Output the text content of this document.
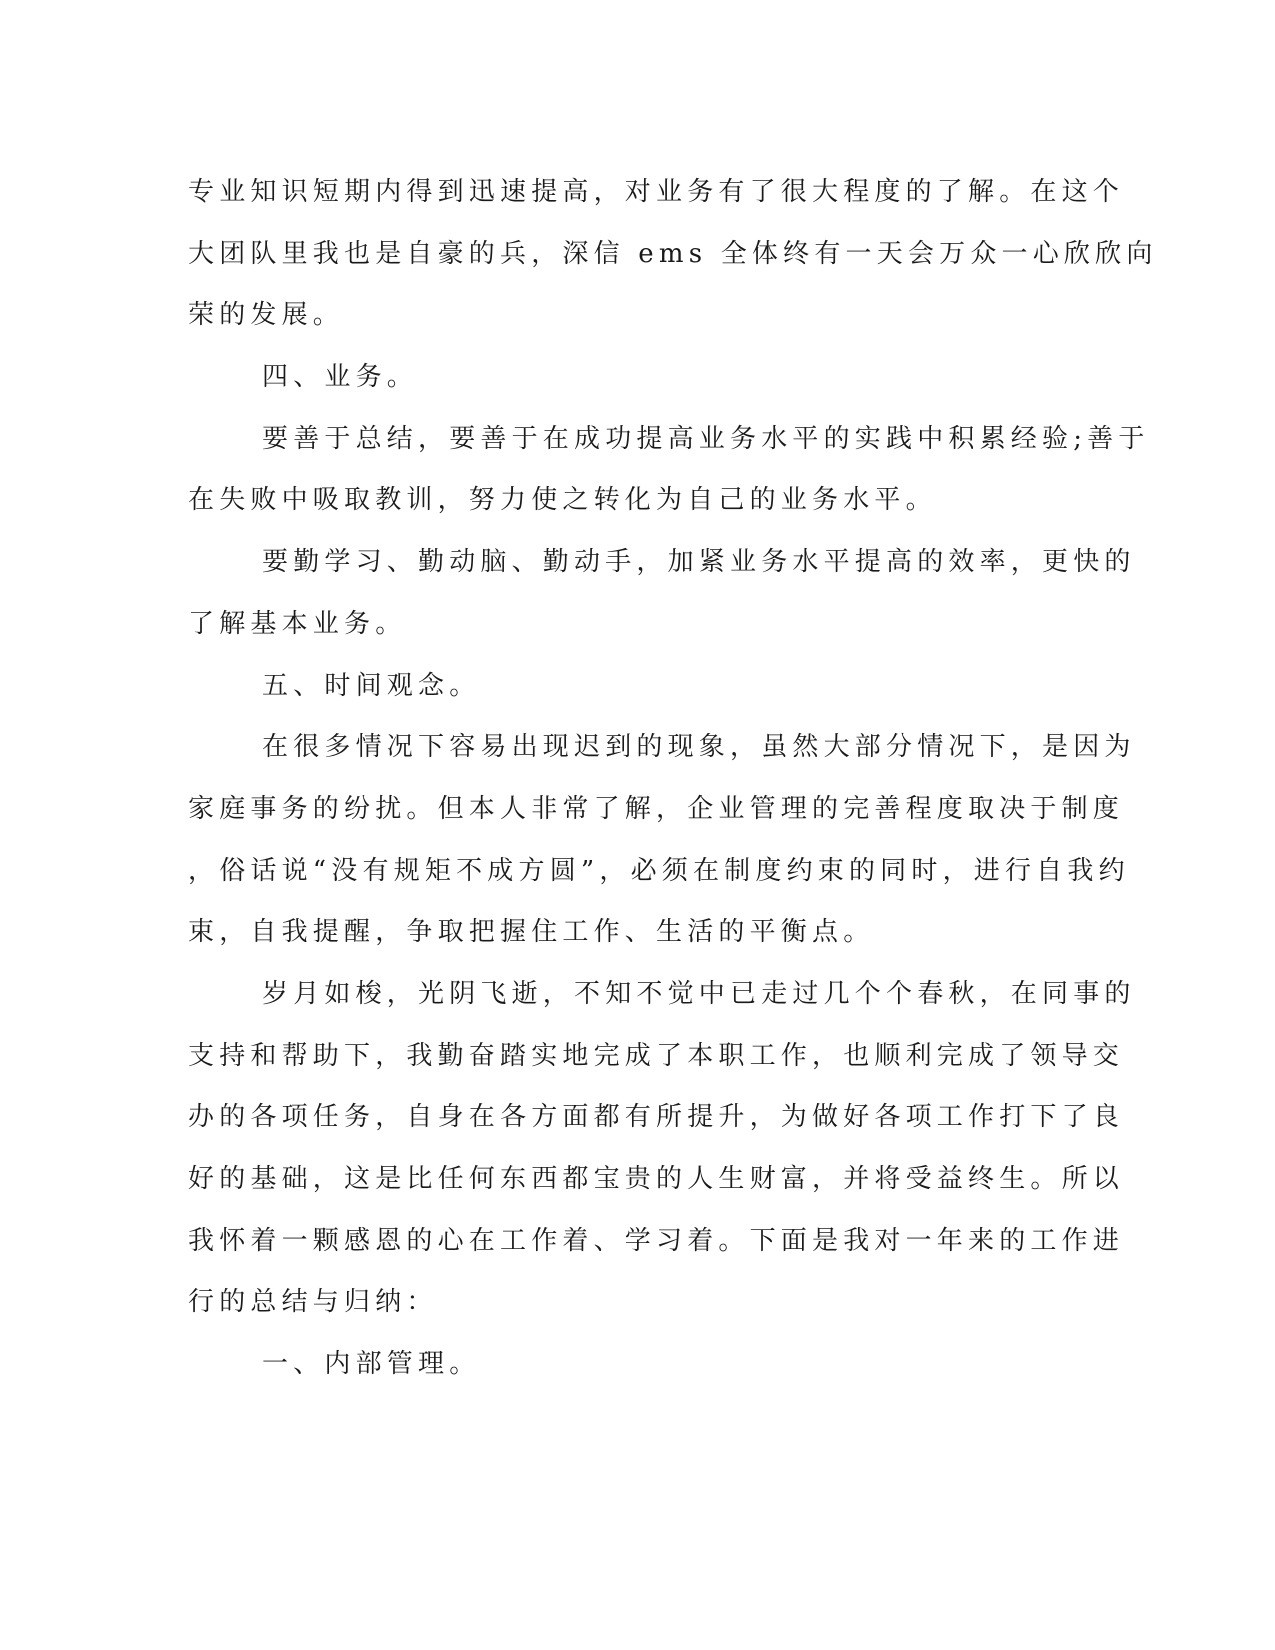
专业知识短期内得到迅速提高，对业务有了很大程度的了解。在这个
大团队里我也是自豪的兵，深信 ems 全体终有一天会万众一心欣欣向
荣的发展。
四、业务。
要善于总结，要善于在成功提高业务水平的实践中积累经验;善于
在失败中吸取教训，努力使之转化为自己的业务水平。
要勤学习、勤动脑、勤动手，加紧业务水平提高的效率，更快的
了解基本业务。
五、时间观念。
在很多情况下容易出现迟到的现象，虽然大部分情况下，是因为
家庭事务的纷扰。但本人非常了解，企业管理的完善程度取决于制度
，俗话说“没有规矩不成方圆”，必须在制度约束的同时，进行自我约
束，自我提醒，争取把握住工作、生活的平衡点。
岁月如梭，光阴飞逝，不知不觉中已走过几个个春秋，在同事的
支持和帮助下，我勤奋踏实地完成了本职工作，也顺利完成了领导交
办的各项任务，自身在各方面都有所提升，为做好各项工作打下了良
好的基础，这是比任何东西都宝贵的人生财富，并将受益终生。所以
我怀着一颗感恩的心在工作着、学习着。下面是我对一年来的工作进
行的总结与归纳：
一、内部管理。
